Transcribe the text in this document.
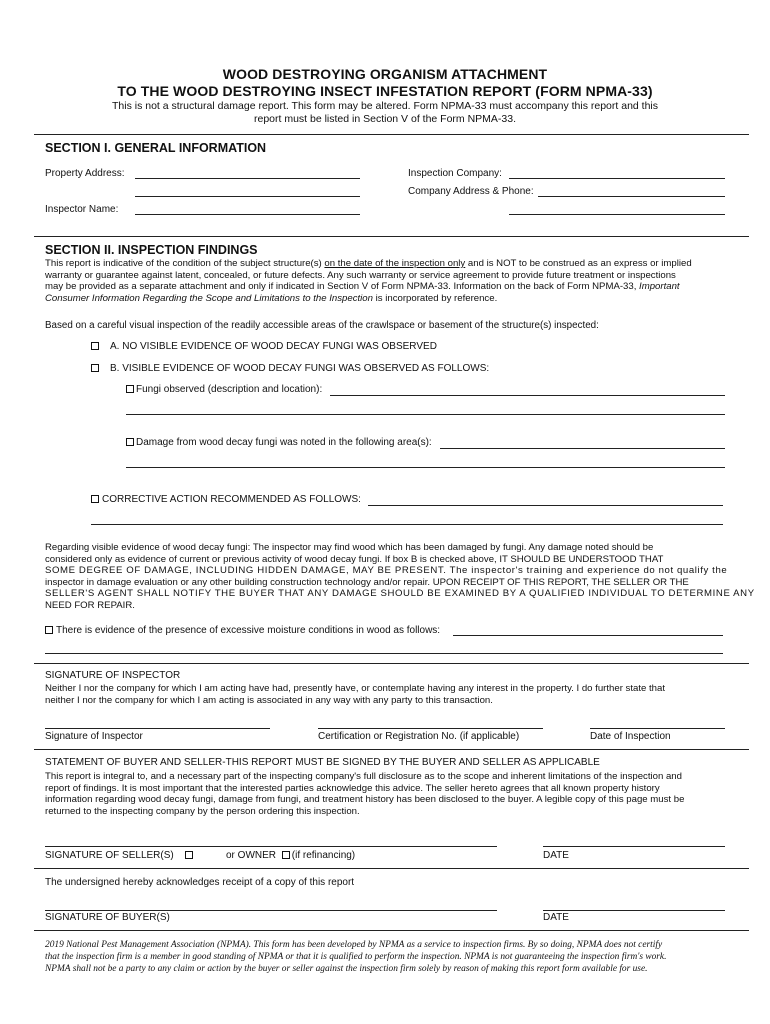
WOOD DESTROYING ORGANISM ATTACHMENT
TO THE WOOD DESTROYING INSECT INFESTATION REPORT (FORM NPMA-33)
This is not a structural damage report. This form may be altered. Form NPMA-33 must accompany this report and this
report must be listed in Section V of the Form NPMA-33.
SECTION I. GENERAL INFORMATION
Property Address:	Inspection Company:
Company Address & Phone:
Inspector Name:
SECTION II. INSPECTION FINDINGS
This report is indicative of the condition of the subject structure(s) on the date of the inspection only and is NOT to be construed as an express or implied
warranty or guarantee against latent, concealed, or future defects. Any such warranty or service agreement to provide future treatment or inspections
may be provided as a separate attachment and only if indicated in Section V of Form NPMA-33. Information on the back of Form NPMA-33, Important
Consumer Information Regarding the Scope and Limitations to the Inspection is incorporated by reference.
Based on a careful visual inspection of the readily accessible areas of the crawlspace or basement of the structure(s) inspected:
A. NO VISIBLE EVIDENCE OF WOOD DECAY FUNGI WAS OBSERVED
B. VISIBLE EVIDENCE OF WOOD DECAY FUNGI WAS OBSERVED AS FOLLOWS:
Fungi observed (description and location):
Damage from wood decay fungi was noted in the following area(s):
CORRECTIVE ACTION RECOMMENDED AS FOLLOWS:
Regarding visible evidence of wood decay fungi: The inspector may find wood which has been damaged by fungi. Any damage noted should be
considered only as evidence of current or previous activity of wood decay fungi. If box B is checked above, IT SHOULD BE UNDERSTOOD THAT
SOME DEGREE OF DAMAGE, INCLUDING HIDDEN DAMAGE, MAY BE PRESENT. The inspector's training and experience do not qualify the
inspector in damage evaluation or any other building construction technology and/or repair. UPON RECEIPT OF THIS REPORT, THE SELLER OR THE
SELLER'S AGENT SHALL NOTIFY THE BUYER THAT ANY DAMAGE SHOULD BE EXAMINED BY A QUALIFIED INDIVIDUAL TO DETERMINE ANY
NEED FOR REPAIR.
There is evidence of the presence of excessive moisture conditions in wood as follows:
SIGNATURE OF INSPECTOR
Neither I nor the company for which I am acting have had, presently have, or contemplate having any interest in the property. I do further state that
neither I nor the company for which I am acting is associated in any way with any party to this transaction.
Signature of Inspector	Certification or Registration No. (if applicable)	Date of Inspection
STATEMENT OF BUYER AND SELLER-THIS REPORT MUST BE SIGNED BY THE BUYER AND SELLER AS APPLICABLE
This report is integral to, and a necessary part of the inspecting company's full disclosure as to the scope and inherent limitations of the inspection and
report of findings. It is most important that the interested parties acknowledge this advice. The seller hereto agrees that all known property history
information regarding wood decay fungi, damage from fungi, and treatment history has been disclosed to the buyer. A legible copy of this page must be
returned to the inspecting company by the person ordering this inspection.
SIGNATURE OF SELLER(S)	or OWNER (if refinancing)	DATE
The undersigned hereby acknowledges receipt of a copy of this report
SIGNATURE OF BUYER(S)	DATE
2019 National Pest Management Association (NPMA). This form has been developed by NPMA as a service to inspection firms. By so doing, NPMA does not certify
that the inspection firm is a member in good standing of NPMA or that it is qualified to perform the inspection. NPMA is not guaranteeing the inspection firm's work.
NPMA shall not be a party to any claim or action by the buyer or seller against the inspection firm solely by reason of making this report form available for use.
